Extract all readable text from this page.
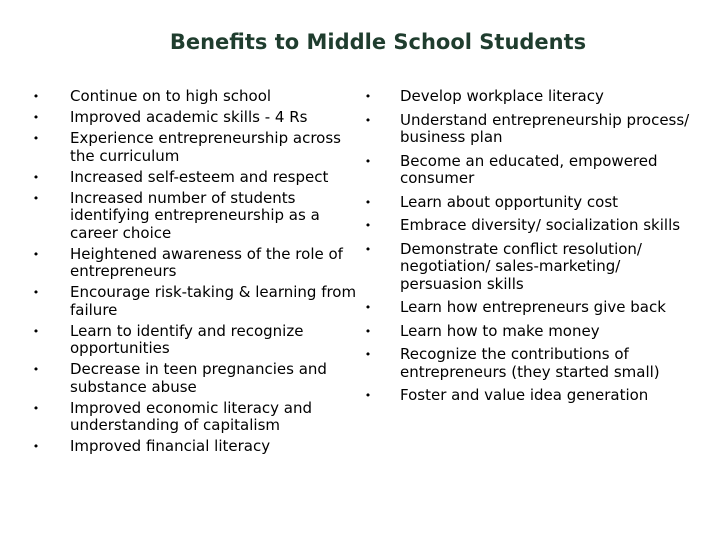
Benefits to Middle School Students
• Continue on to high school
• Improved academic skills - 4 Rs
• Experience entrepreneurship across the curriculum
• Increased self-esteem and respect
• Increased number of students identifying entrepreneurship as a career choice
• Heightened awareness of the role of entrepreneurs
• Encourage risk-taking & learning from failure
• Learn to identify and recognize opportunities
• Decrease in teen pregnancies and substance abuse
• Improved economic literacy and understanding of capitalism
• Improved financial literacy
• Develop workplace literacy
• Understand entrepreneurship process/ business plan
• Become an educated, empowered consumer
• Learn about opportunity cost
• Embrace diversity/ socialization skills
• Demonstrate conflict resolution/ negotiation/ sales-marketing/ persuasion skills
• Learn how entrepreneurs give back
• Learn how to make money
• Recognize the contributions of entrepreneurs (they started small)
• Foster and value idea generation
